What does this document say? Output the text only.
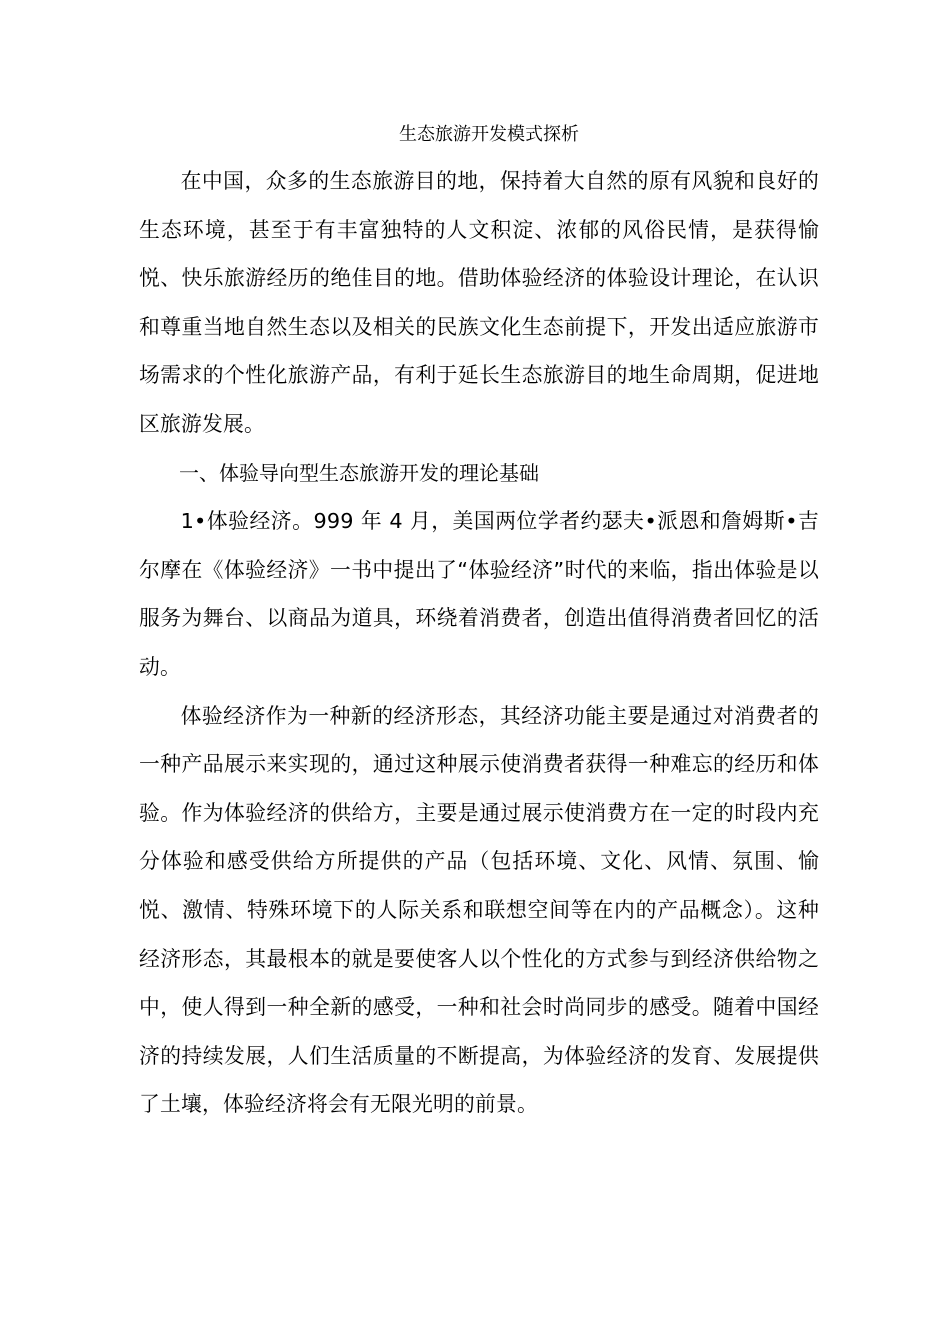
生态旅游开发模式探析

在中国，众多的生态旅游目的地，保持着大自然的原有风貌和良好的生态环境，甚至于有丰富独特的人文积淀、浓郁的风俗民情，是获得愉悦、快乐旅游经历的绝佳目的地。借助体验经济的体验设计理论，在认识和尊重当地自然生态以及相关的民族文化生态前提下，开发出适应旅游市场需求的个性化旅游产品，有利于延长生态旅游目的地生命周期，促进地区旅游发展。

一、体验导向型生态旅游开发的理论基础

1•体验经济。999 年 4 月，美国两位学者约瑟夫•派恩和詹姆斯•吉尔摩在《体验经济》一书中提出了“体验经济”时代的来临，指出体验是以服务为舞台、以商品为道具，环绕着消费者，创造出值得消费者回忆的活动。

体验经济作为一种新的经济形态，其经济功能主要是通过对消费者的一种产品展示来实现的，通过这种展示使消费者获得一种难忘的经历和体验。作为体验经济的供给方，主要是通过展示使消费方在一定的时段内充分体验和感受供给方所提供的产品（包括环境、文化、风情、氛围、愉悦、激情、特殊环境下的人际关系和联想空间等在内的产品概念）。这种经济形态，其最根本的就是要使客人以个性化的方式参与到经济供给物之中，使人得到一种全新的感受，一种和社会时尚同步的感受。随着中国经济的持续发展，人们生活质量的不断提高，为体验经济的发育、发展提供了土壤，体验经济将会有无限光明的前景。
